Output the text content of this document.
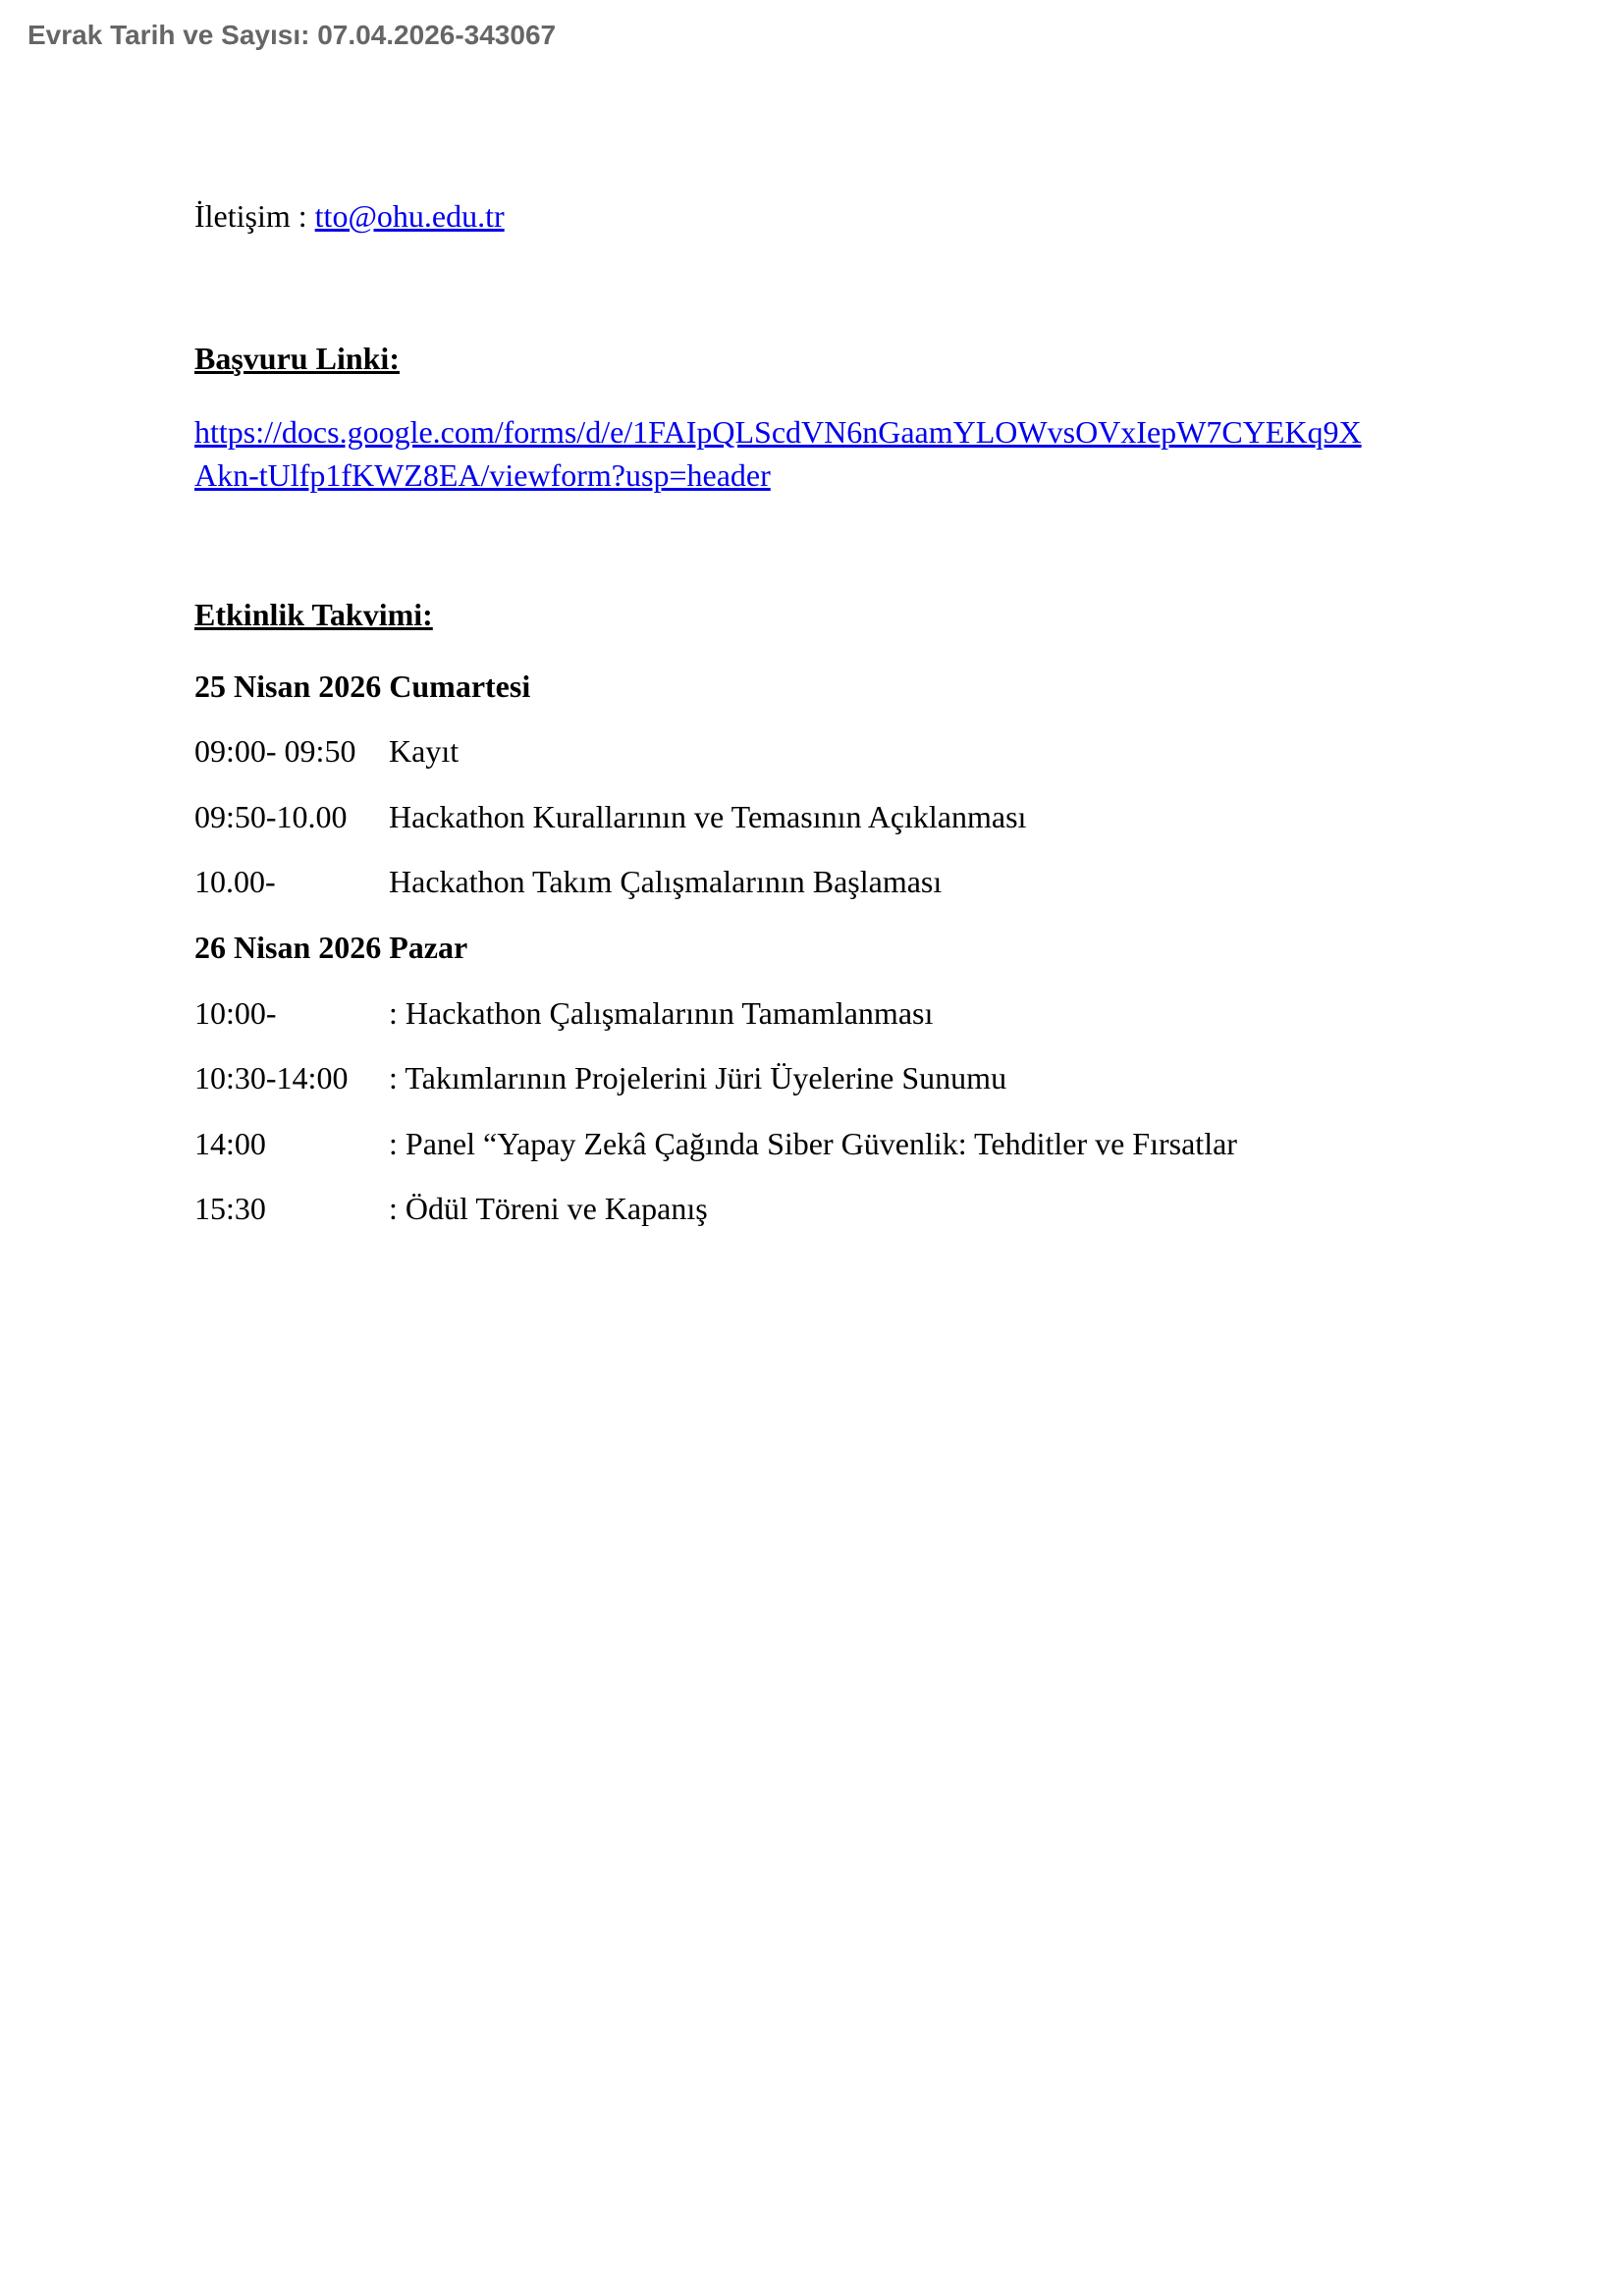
Evrak Tarih ve Sayısı: 07.04.2026-343067
İletişim : tto@ohu.edu.tr
Başvuru Linki:
https://docs.google.com/forms/d/e/1FAIpQLScdVN6nGaamYLOWvsOVxIepW7CYEKq9X
Akn-tUlfp1fKWZ8EA/viewform?usp=header
Etkinlik Takvimi:
25 Nisan 2026 Cumartesi
09:00- 09:50 Kayıt
09:50-10.00 Hackathon Kurallarının ve Temasının Açıklanması
10.00-	Hackathon Takım Çalışmalarının Başlaması
26 Nisan 2026 Pazar
10:00-	: Hackathon Çalışmalarının Tamamlanması
10:30-14:00 : Takımlarının Projelerini Jüri Üyelerine Sunumu
14:00	: Panel “Yapay Zekâ Çağında Siber Güvenlik: Tehditler ve Fırsatlar
15:30	: Ödül Töreni ve Kapanış
